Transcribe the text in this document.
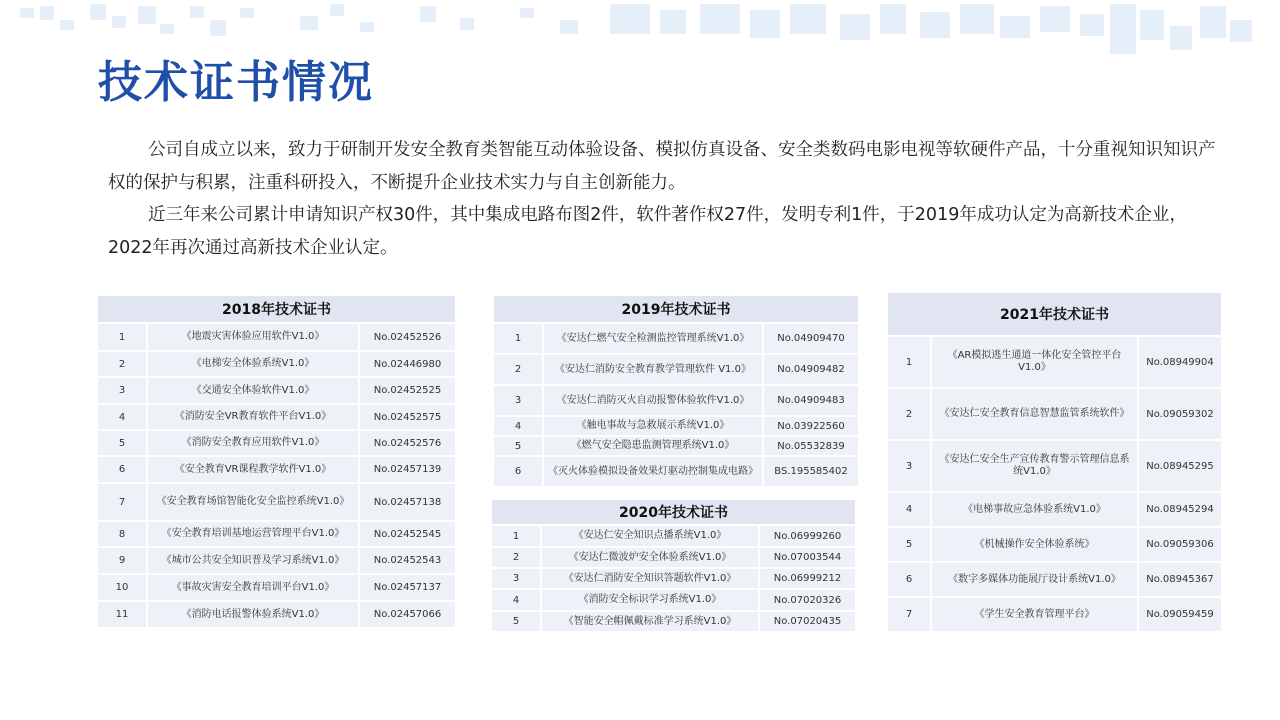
技术证书情况

公司自成立以来，致力于研制开发安全教育类智能互动体验设备、模拟仿真设备、安全类数码电影电视等软硬件产品，十分重视知识知识产权的保护与积累，注重科研投入，不断提升企业技术实力与自主创新能力。

近三年来公司累计申请知识产权30件，其中集成电路布图2件，软件著作权27件，发明专利1件，于2019年成功认定为高新技术企业，2022年再次通过高新技术企业认定。

2018年技术证书		
1	《地震灾害体验应用软件V1.0》	No.02452526
2	《电梯安全体验系统V1.0》	No.02446980
3	《交通安全体验软件V1.0》	No.02452525
4	《消防安全VR教育软件平台V1.0》	No.02452575
5	《消防安全教育应用软件V1.0》	No.02452576
6	《安全教育VR课程教学软件V1.0》	No.02457139
7	《安全教育场馆智能化安全监控系统V1.0》	No.02457138
8	《安全教育培训基地运营管理平台V1.0》	No.02452545
9	《城市公共安全知识普及学习系统V1.0》	No.02452543
10	《事故灾害安全教育培训平台V1.0》	No.02457137
11	《消防电话报警体验系统V1.0》	No.02457066
2019年技术证书		
1	《安达仁燃气安全检测监控管理系统V1.0》	No.04909470
2	《安达仁消防安全教育教学管理软件 V1.0》	No.04909482
3	《安达仁消防灭火自动报警体验软件V1.0》	No.04909483
4	《触电事故与急救展示系统V1.0》	No.03922560
5	《燃气安全隐患监测管理系统V1.0》	No.05532839
6	《灭火体验模拟设备效果灯驱动控制集成电路》	BS.195585402
2020年技术证书		
1	《安达仁安全知识点播系统V1.0》	No.06999260
2	《安达仁微波炉安全体验系统V1.0》	No.07003544
3	《安达仁消防安全知识答题软件V1.0》	No.06999212
4	《消防安全标识学习系统V1.0》	No.07020326
5	《智能安全帽佩戴标准学习系统V1.0》	No.07020435
2021年技术证书		
1	《AR模拟逃生通道一体化安全管控平台V1.0》	No.08949904
2	《安达仁安全教育信息智慧监管系统软件》	No.09059302
3	《安达仁安全生产宣传教育警示管理信息系统V1.0》	No.08945295
4	《电梯事故应急体验系统V1.0》	No.08945294
5	《机械操作安全体验系统》	No.09059306
6	《数字多媒体功能展厅设计系统V1.0》	No.08945367
7	《学生安全教育管理平台》	No.09059459
